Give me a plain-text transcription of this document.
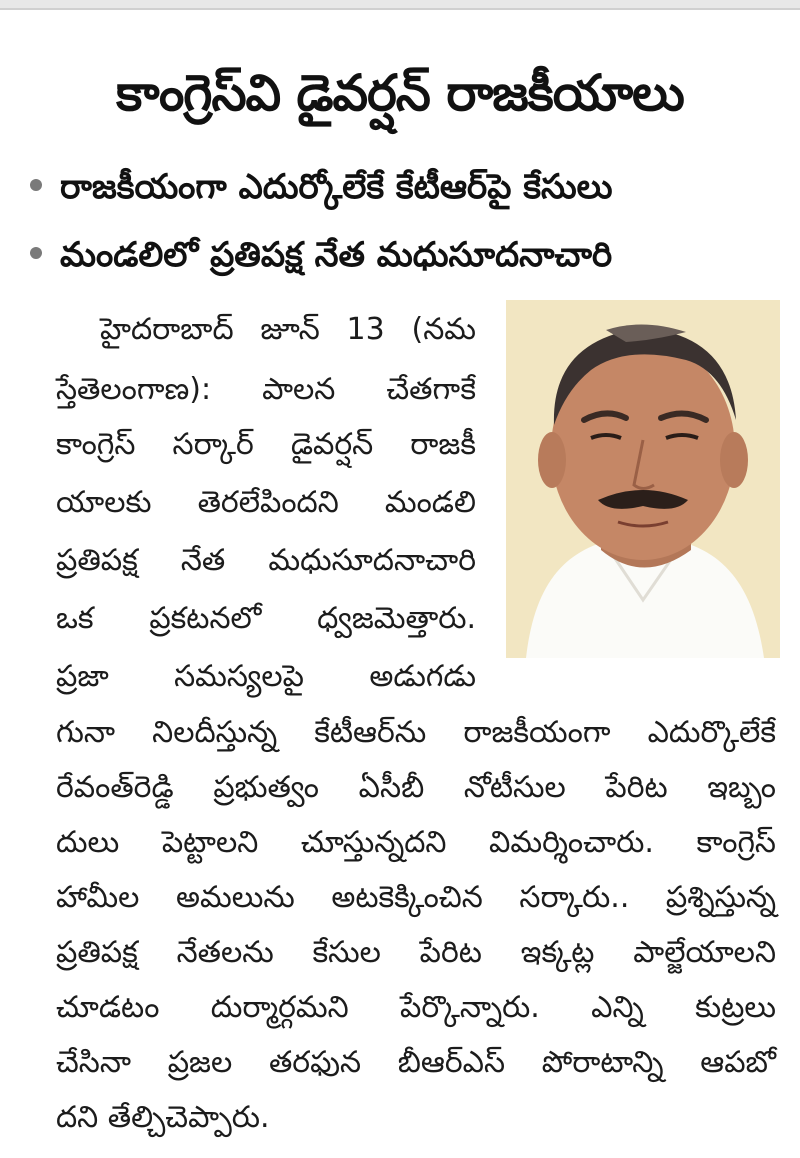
కాంగ్రెస్‌వి డైవర్షన్ రాజకీయాలు
రాజకీయంగా ఎదుర్కోలేకే కేటీఆర్‌పై కేసులు
మండలిలో ప్రతిపక్ష నేత మధుసూదనాచారి
హైదరాబాద్ జూన్ 13 (నమ
స్తేతెలంగాణ): పాలన చేతగాకే
కాంగ్రెస్ సర్కార్ డైవర్షన్ రాజకీ
యాలకు తెరలేపిందని మండలి
ప్రతిపక్ష నేత మధుసూదనాచారి
ఒక ప్రకటనలో ధ్వజమెత్తారు.
ప్రజా సమస్యలపై అడుగడు
గునా నిలదీస్తున్న కేటీఆర్‌ను రాజకీయంగా ఎదుర్కొలేకే
రేవంత్‌రెడ్డి ప్రభుత్వం ఏసీబీ నోటీసుల పేరిట ఇబ్బం
దులు పెట్టాలని చూస్తున్నదని విమర్శించారు. కాంగ్రెస్
హామీల అమలును అటకెక్కించిన సర్కారు.. ప్రశ్నిస్తున్న
ప్రతిపక్ష నేతలను కేసుల పేరిట ఇక్కట్ల పాల్జేయాలని
చూడటం దుర్మార్గమని పేర్కొన్నారు. ఎన్ని కుట్రలు
చేసినా ప్రజల తరఫున బీఆర్‌ఎస్ పోరాటాన్ని ఆపబో
దని తేల్చిచెప్పారు.
